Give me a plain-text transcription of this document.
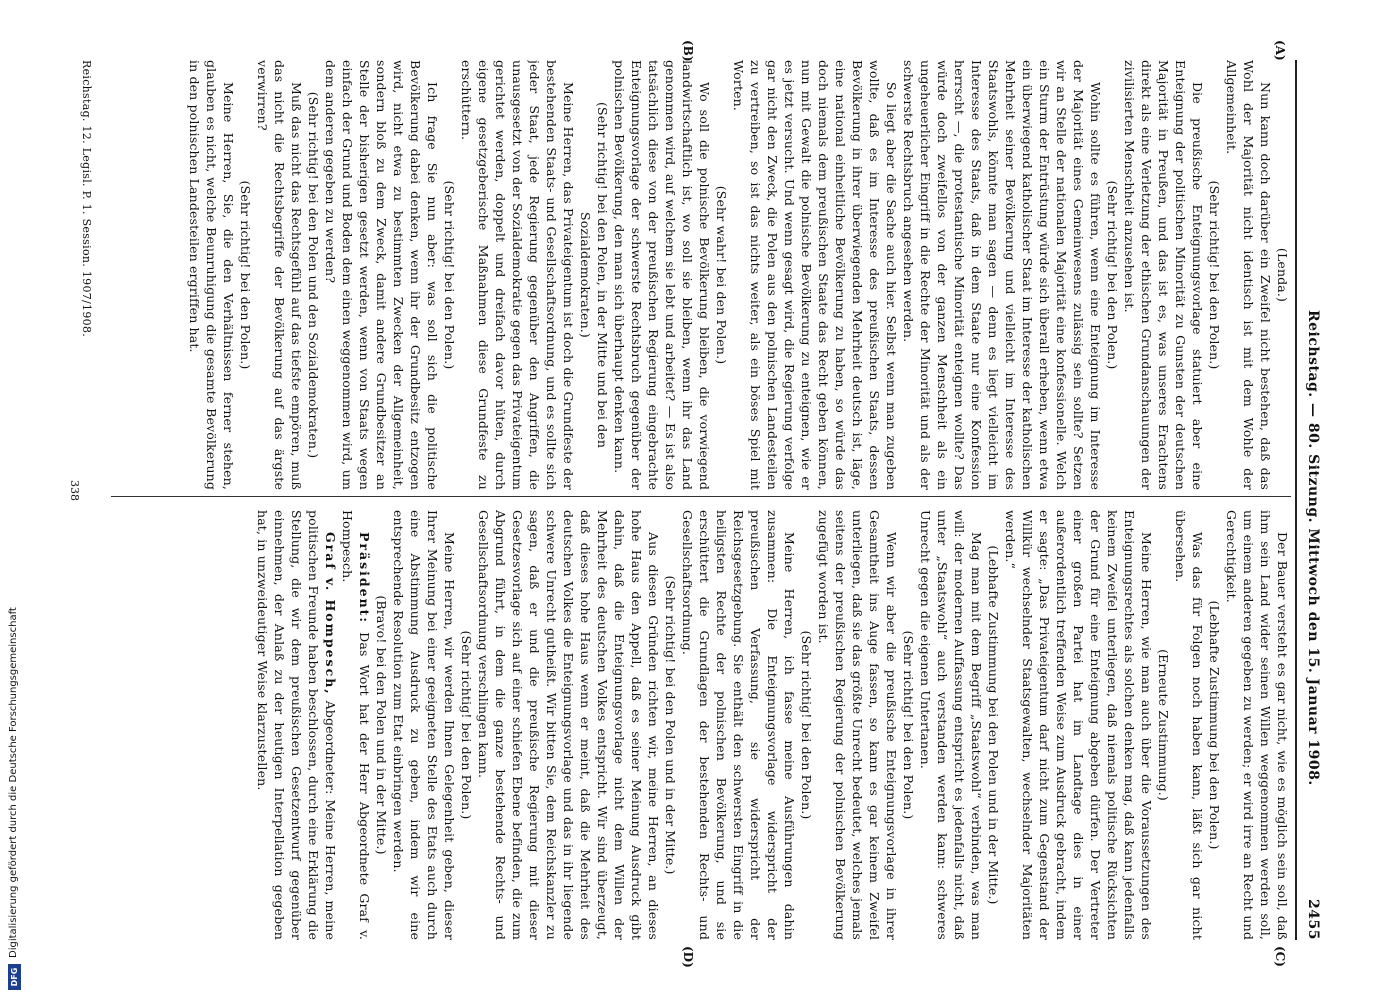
Reichstag. — 80. Sitzung. Mittwoch den 15. Januar 1908.
2455

(Lenda.)

Nun kann doch darüber ein Zweifel nicht bestehen, daß das Wohl der Majorität nicht identisch ist mit dem Wohle der Allgemeinheit.

(Sehr richtig! bei den Polen.)

Die preußische Enteignungsvorlage statuiert aber eine Enteignung der politischen Minorität zu Gunsten der deutschen Majorität in Preußen, und das ist es, was unseres Erachtens direkt als eine Verletzung der ethischen Grundanschauungen der zivilisierten Menschheit anzusehen ist.

(Sehr richtig! bei den Polen.)

Wohin sollte es führen, wenn eine Enteignung im Interesse der Majorität eines Gemeinwesens zulässig sein sollte? Setzen wir an Stelle der nationalen Majorität eine konfessionelle. Welch ein Sturm der Entrüstung würde sich überall erheben, wenn etwa ein überwiegend katholischer Staat im Interesse der katholischen Mehrheit seiner Bevölkerung und vielleicht im Interesse des Staatswohls, könnte man sagen — denn es liegt vielleicht im Interesse des Staats, daß in dem Staate nur eine Konfession herrscht —, die protestantische Minorität enteignen wollte? Das würde doch zweifellos von der ganzen Menschheit als ein ungeheuerlicher Eingriff in die Rechte der Minorität und als der schwerste Rechtsbruch angesehen werden.

So liegt aber die Sache auch hier. Selbst wenn man zugeben wollte, daß es im Interesse des preußischen Staats, dessen Bevölkerung in ihrer überwiegenden Mehrheit deutsch ist, läge, eine national einheitliche Bevölkerung zu haben, so würde das doch niemals dem preußischen Staate das Recht geben können, nun mit Gewalt die polnische Bevölkerung zu enteignen, wie er es jetzt versucht. Und wenn gesagt wird, die Regierung verfolge gar nicht den Zweck, die Polen aus den polnischen Landesteilen zu vertreiben, so ist das nichts weiter, als ein böses Spiel mit Worten.

(Sehr wahr! bei den Polen.)

Wo soll die polnische Bevölkerung bleiben, die vorwiegend landwirtschaftlich ist, wo soll sie bleiben, wenn ihr das Land genommen wird, auf welchem sie lebt und arbeitet? — Es ist also tatsächlich diese von der preußischen Regierung eingebrachte Enteignungsvorlage der schwerste Rechtsbruch gegenüber der polnischen Bevölkerung, den man sich überhaupt denken kann.

(Sehr richtig! bei den Polen, in der Mitte und bei den Sozialdemokraten.)

Meine Herren, das Privateigentum ist doch die Grundfeste der bestehenden Staats- und Gesellschaftsordnung, und es sollte sich jeder Staat, jede Regierung gegenüber den Angriffen, die unausgesetzt von der Sozialdemokratie gegen das Privateigentum gerichtet werden, doppelt und dreifach davor hüten, durch eigene gesetzgeberische Maßnahmen diese Grundfeste zu erschüttern.

(Sehr richtig! bei den Polen.)

Ich frage Sie nun aber: was soll sich die politische Bevölkerung dabei denken, wenn ihr der Grundbesitz entzogen wird, nicht etwa zu bestimmten Zwecken der Allgemeinheit, sondern bloß zu dem Zweck, damit andere Grundbesitzer an Stelle der bisherigen gesetzt werden, wenn von Staats wegen einfach der Grund und Boden dem einen weggenommen wird, um dem anderen gegeben zu werden?

(Sehr richtig! bei den Polen und den Sozialdemokraten.)

Muß das nicht das Rechtsgefühl auf das tiefste empören, muß das nicht die Rechtsbegriffe der Bevölkerung auf das ärgste verwirren?

(Sehr richtig! bei den Polen.)

Meine Herren, Sie, die den Verhältnissen ferner stehen, glauben es nicht, welche Beunruhigung die gesamte Bevölkerung in den polnischen Landesteilen ergriffen hat.

Der Bauer versteht es gar nicht, wie es möglich sein soll, daß ihm sein Land wider seinen Willen weggenommen werden soll, um einem anderen gegeben zu werden; er wird irre an Recht und Gerechtigkeit.

(Lebhafte Zustimmung bei den Polen.)

Was das für Folgen noch haben kann, läßt sich gar nicht übersehen.

(Erneute Zustimmung.)

Meine Herren, wie man auch über die Voraussetzungen des Enteignungsrechtes als solchen denken mag, daß kann jedenfalls keinem Zweifel unterliegen, daß niemals politische Rücksichten der Grund für eine Enteignung abgeben dürfen. Der Vertreter einer großen Partei hat im Landtage dies in einer außerordentlich treffenden Weise zum Ausdruck gebracht, indem er sagte: „Das Privateigentum darf nicht zum Gegenstand der Willkür wechselnder Staatsgewalten, wechselnder Majoritäten werden.“

(Lebhafte Zustimmung bei den Polen und in der Mitte.)

Mag man mit dem Begriff „Staatswohl“ verbinden, was man will: der modernen Auffassung entspricht es jedenfalls nicht, daß unter „Staatswohl“ auch verstanden werden kann: schweres Unrecht gegen die eigenen Untertanen.

(Sehr richtig! bei den Polen.)

Wenn wir aber die preußische Enteignungsvorlage in ihrer Gesamtheit ins Auge fassen, so kann es gar keinem Zweifel unterliegen, daß sie das größte Unrecht bedeutet, welches jemals seitens der preußischen Regierung der polnischen Bevölkerung zugefügt worden ist.

(Sehr richtig! bei den Polen.)

Meine Herren, ich fasse meine Ausführungen dahin zusammen: Die Enteignungsvorlage widerspricht der preußischen Verfassung, sie widerspricht der Reichsgesetzgebung. Sie enthält den schwersten Eingriff in die heiligsten Rechte der polnischen Bevölkerung, und sie erschüttert die Grundlagen der bestehenden Rechts- und Gesellschaftsordnung.

(Sehr richtig! bei den Polen und in der Mitte.)

Aus diesen Gründen richten wir, meine Herren, an dieses hohe Haus den Appell, daß es seiner Meinung Ausdruck gibt dahin, daß die Enteignungsvorlage nicht dem Willen der Mehrheit des deutschen Volkes entspricht. Wir sind überzeugt, daß dieses hohe Haus wenn er meint, daß die Mehrheit des deutschen Volkes die Enteignungsvorlage und das in ihr liegende schwere Unrecht gutheißt. Wir bitten Sie, dem Reichskanzler zu sagen, daß er und die preußische Regierung mit dieser Gesetzesvorlage sich auf einer schiefen Ebene befinden, die zum Abgrund führt, in dem die ganze bestehende Rechts- und Gesellschaftsordnung verschlingen kann.

(Sehr richtig! bei den Polen.)

Meine Herren, wir werden Ihnen Gelegenheit geben, dieser Ihrer Meinung bei einer geeigneten Stelle des Etats auch durch eine Abstimmung Ausdruck zu geben, indem wir eine entsprechende Resolution zum Etat einbringen werden.

(Bravo! bei den Polen und in der Mitte.)

Präsident: Das Wort hat der Herr Abgeordnete Graf v. Hompesch.

Graf v. Hompesch, Abgeordneter: Meine Herren, meine politischen Freunde haben beschlossen, durch eine Erklärung die Stellung, die wir dem preußischen Gesetzentwurf gegenüber einnehmen, der Anlaß zu der heutigen Interpellation gegeben hat, in unzweideutiger Weise klarzustellen.

(A)
(B)
(C)
(D)
Reichstag. 12. Legisl. P. 1. Session. 1907/1908.
338
DFG
Digitalisierung gefördert durch die Deutsche Forschungsgemeinschaft
